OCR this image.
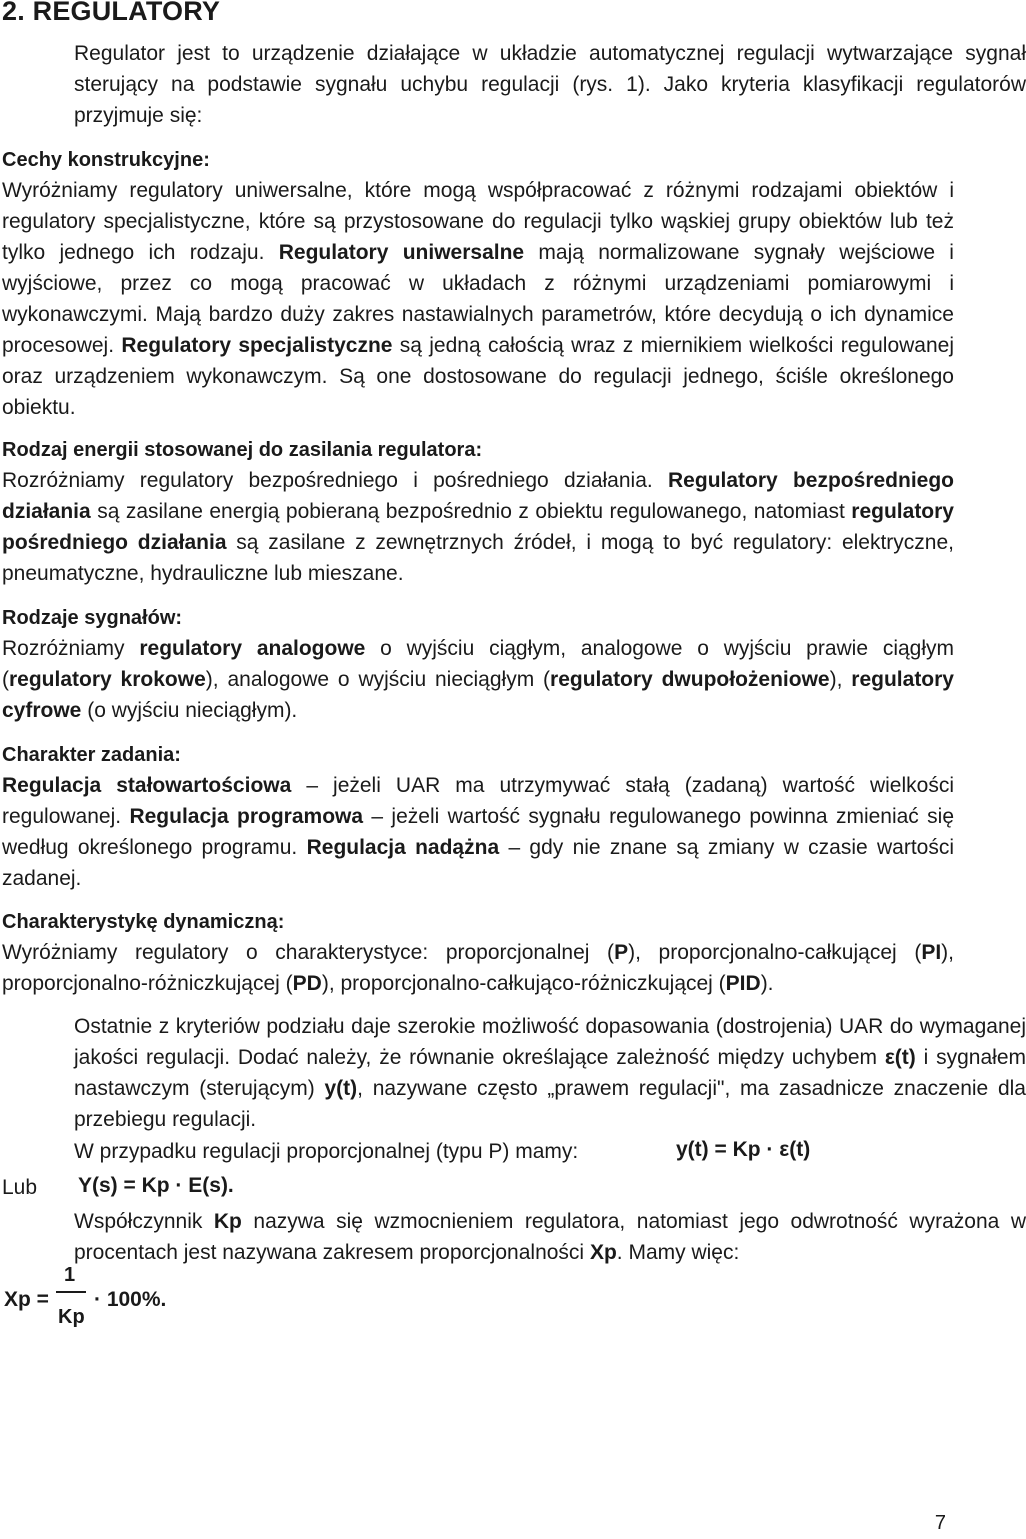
2. REGULATORY

Regulator jest to urządzenie działające w układzie automatycznej regulacji wytwarzające sygnał sterujący na podstawie sygnału uchybu regulacji (rys. 1). Jako kryteria klasyfikacji regulatorów przyjmuje się:

Cechy konstrukcyjne:

Wyróżniamy regulatory uniwersalne, które mogą współpracować z różnymi rodzajami obiektów i regulatory specjalistyczne, które są przystosowane do regulacji tylko wąskiej grupy obiektów lub też tylko jednego ich rodzaju. Regulatory uniwersalne mają normalizowane sygnały wejściowe i wyjściowe, przez co mogą pracować w układach z różnymi urządzeniami pomiarowymi i wykonawczymi. Mają bardzo duży zakres nastawialnych parametrów, które decydują o ich dynamice procesowej. Regulatory specjalistyczne są jedną całością wraz z miernikiem wielkości regulowanej oraz urządzeniem wykonawczym. Są one dostosowane do regulacji jednego, ściśle określonego obiektu.

Rodzaj energii stosowanej do zasilania regulatora:

Rozróżniamy regulatory bezpośredniego i pośredniego działania. Regulatory bezpośredniego działania są zasilane energią pobieraną bezpośrednio z obiektu regulowanego, natomiast regulatory pośredniego działania są zasilane z zewnętrznych źródeł, i mogą to być regulatory: elektryczne, pneumatyczne, hydrauliczne lub mieszane.

Rodzaje sygnałów:

Rozróżniamy regulatory analogowe o wyjściu ciągłym, analogowe o wyjściu prawie ciągłym (regulatory krokowe), analogowe o wyjściu nieciągłym (regulatory dwupołożeniowe), regulatory cyfrowe (o wyjściu nieciągłym).

Charakter zadania:

Regulacja stałowartościowa – jeżeli UAR ma utrzymywać stałą (zadaną) wartość wielkości regulowanej. Regulacja programowa – jeżeli wartość sygnału regulowanego powinna zmieniać się według określonego programu. Regulacja nadążna – gdy nie znane są zmiany w czasie wartości zadanej.

Charakterystykę dynamiczną:

Wyróżniamy regulatory o charakterystyce: proporcjonalnej (P), proporcjonalno-całkującej (PI), proporcjonalno-różniczkującej (PD), proporcjonalno-całkująco-różniczkującej (PID).

Ostatnie z kryteriów podziału daje szerokie możliwość dopasowania (dostrojenia) UAR do wymaganej jakości regulacji. Dodać należy, że równanie określające zależność między uchybem ε(t) i sygnałem nastawczym (sterującym) y(t), nazywane często „prawem regulacji", ma zasadnicze znaczenie dla przebiegu regulacji.

W przypadku regulacji proporcjonalnej (typu P) mamy:	y(t) = Kp · ε(t)
Lub	Y(s) = Kp · E(s).

Współczynnik Kp nazywa się wzmocnieniem regulatora, natomiast jego odwrotność wyrażona w procentach jest nazywana zakresem proporcjonalności Xp. Mamy więc:

Xp =
1
Kp
· 100%.
7
